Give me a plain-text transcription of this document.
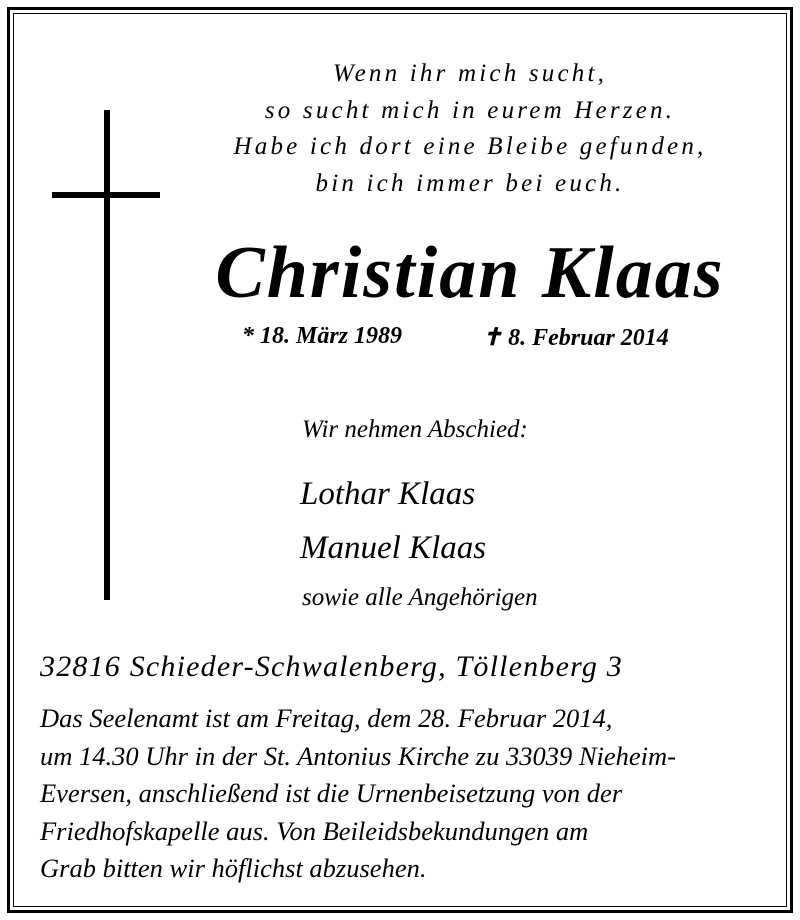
Wenn ihr mich sucht,
so sucht mich in eurem Herzen.
Habe ich dort eine Bleibe gefunden,
bin ich immer bei euch.
Christian Klaas
* 18. März 1989	✝ 8. Februar 2014
Wir nehmen Abschied:
Lothar Klaas
Manuel Klaas
sowie alle Angehörigen
32816 Schieder-Schwalenberg, Töllenberg 3
Das Seelenamt ist am Freitag, dem 28. Februar 2014,
um 14.30 Uhr in der St. Antonius Kirche zu 33039 Nieheim-
Eversen, anschließend ist die Urnenbeisetzung von der
Friedhofskapelle aus. Von Beileidsbekundungen am
Grab bitten wir höflichst abzusehen.
